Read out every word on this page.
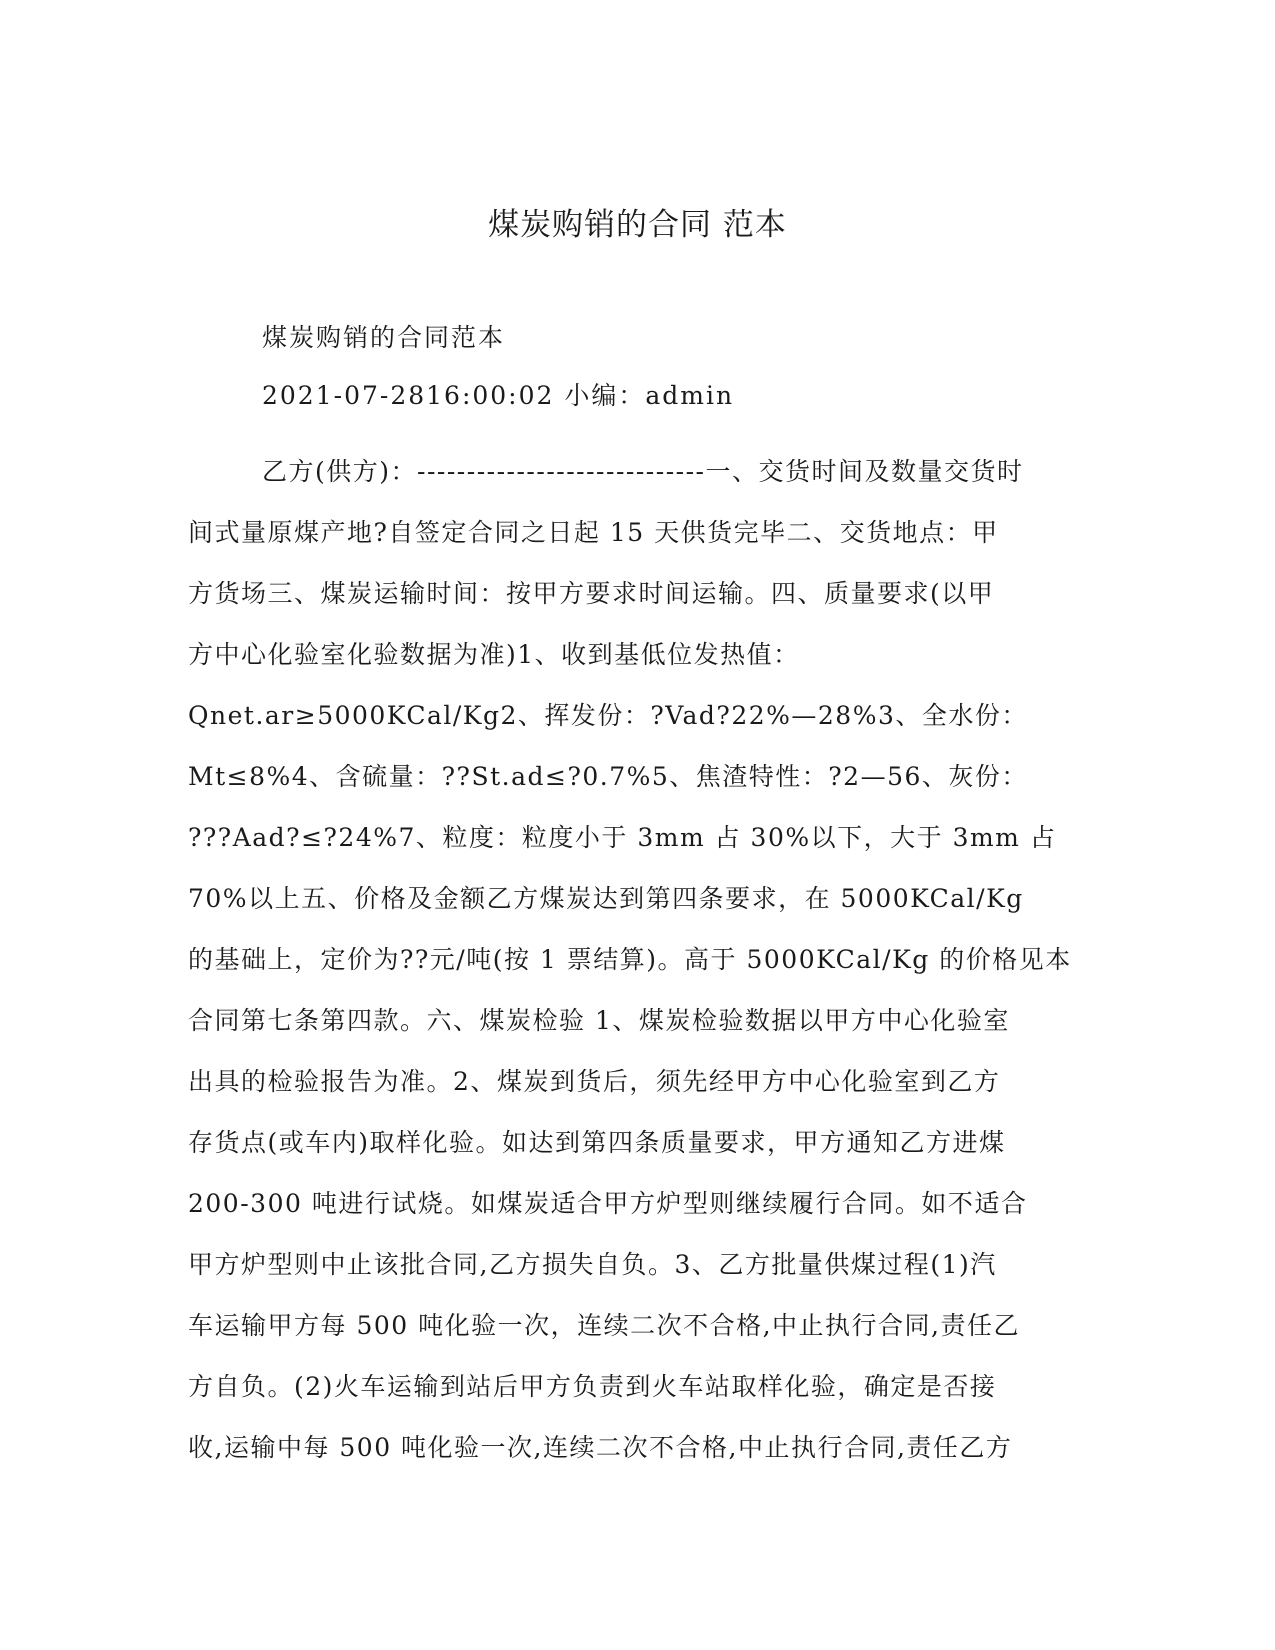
煤炭购销的合同 范本
煤炭购销的合同范本
2021-07-2816:00:02 小编：admin
乙方(供方)：-----------------------------一、交货时间及数量交货时
间式量原煤产地?自签定合同之日起 15 天供货完毕二、交货地点：甲
方货场三、煤炭运输时间：按甲方要求时间运输。四、质量要求(以甲
方中心化验室化验数据为准)1、收到基低位发热值：
Qnet.ar≥5000KCal/Kg2、挥发份：?Vad?22%—28%3、全水份：
Mt≤8%4、含硫量：??St.ad≤?0.7%5、焦渣特性：?2—56、灰份：
???Aad?≤?24%7、粒度：粒度小于 3mm 占 30%以下，大于 3mm 占
70%以上五、价格及金额乙方煤炭达到第四条要求，在 5000KCal/Kg
的基础上，定价为??元/吨(按 1 票结算)。高于 5000KCal/Kg 的价格见本
合同第七条第四款。六、煤炭检验 1、煤炭检验数据以甲方中心化验室
出具的检验报告为准。2、煤炭到货后，须先经甲方中心化验室到乙方
存货点(或车内)取样化验。如达到第四条质量要求，甲方通知乙方进煤
200-300 吨进行试烧。如煤炭适合甲方炉型则继续履行合同。如不适合
甲方炉型则中止该批合同,乙方损失自负。3、乙方批量供煤过程(1)汽
车运输甲方每 500 吨化验一次，连续二次不合格,中止执行合同,责任乙
方自负。(2)火车运输到站后甲方负责到火车站取样化验，确定是否接
收,运输中每 500 吨化验一次,连续二次不合格,中止执行合同,责任乙方
